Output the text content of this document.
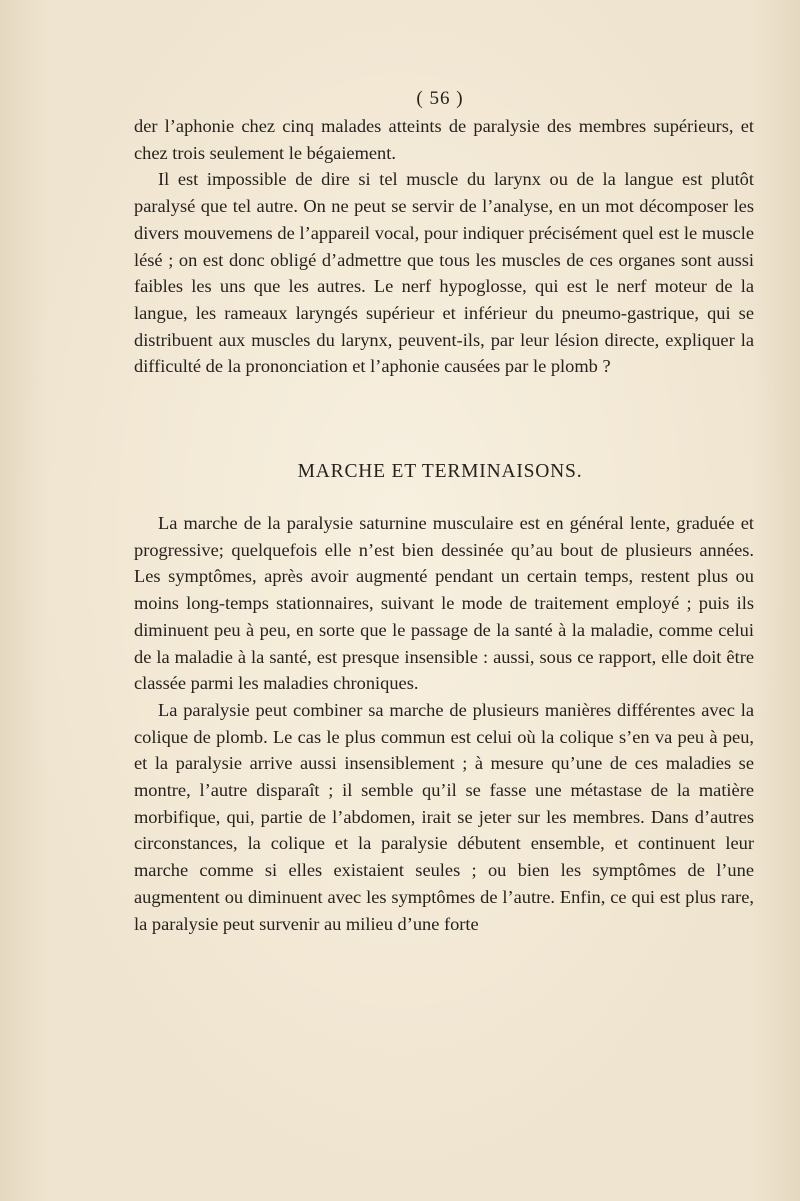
( 56 )

der l’aphonie chez cinq malades atteints de paralysie des membres supérieurs, et chez trois seulement le bégaiement.

Il est impossible de dire si tel muscle du larynx ou de la langue est plutôt paralysé que tel autre. On ne peut se servir de l’analyse, en un mot décomposer les divers mouvemens de l’appareil vocal, pour indiquer précisément quel est le muscle lésé ; on est donc obligé d’admettre que tous les muscles de ces organes sont aussi faibles les uns que les autres. Le nerf hypoglosse, qui est le nerf moteur de la langue, les rameaux laryngés supérieur et inférieur du pneumo-gastrique, qui se distribuent aux muscles du larynx, peuvent-ils, par leur lésion directe, expliquer la difficulté de la prononciation et l’aphonie causées par le plomb ?

MARCHE ET TERMINAISONS.

La marche de la paralysie saturnine musculaire est en général lente, graduée et progressive; quelquefois elle n’est bien dessinée qu’au bout de plusieurs années. Les symptômes, après avoir augmenté pendant un certain temps, restent plus ou moins long-temps stationnaires, suivant le mode de traitement employé ; puis ils diminuent peu à peu, en sorte que le passage de la santé à la maladie, comme celui de la maladie à la santé, est presque insensible : aussi, sous ce rapport, elle doit être classée parmi les maladies chroniques.

La paralysie peut combiner sa marche de plusieurs manières différentes avec la colique de plomb. Le cas le plus commun est celui où la colique s’en va peu à peu, et la paralysie arrive aussi insensiblement ; à mesure qu’une de ces maladies se montre, l’autre disparaît ; il semble qu’il se fasse une métastase de la matière morbifique, qui, partie de l’abdomen, irait se jeter sur les membres. Dans d’autres circonstances, la colique et la paralysie débutent ensemble, et continuent leur marche comme si elles existaient seules ; ou bien les symptômes de l’une augmentent ou diminuent avec les symptômes de l’autre. Enfin, ce qui est plus rare, la paralysie peut survenir au milieu d’une forte
